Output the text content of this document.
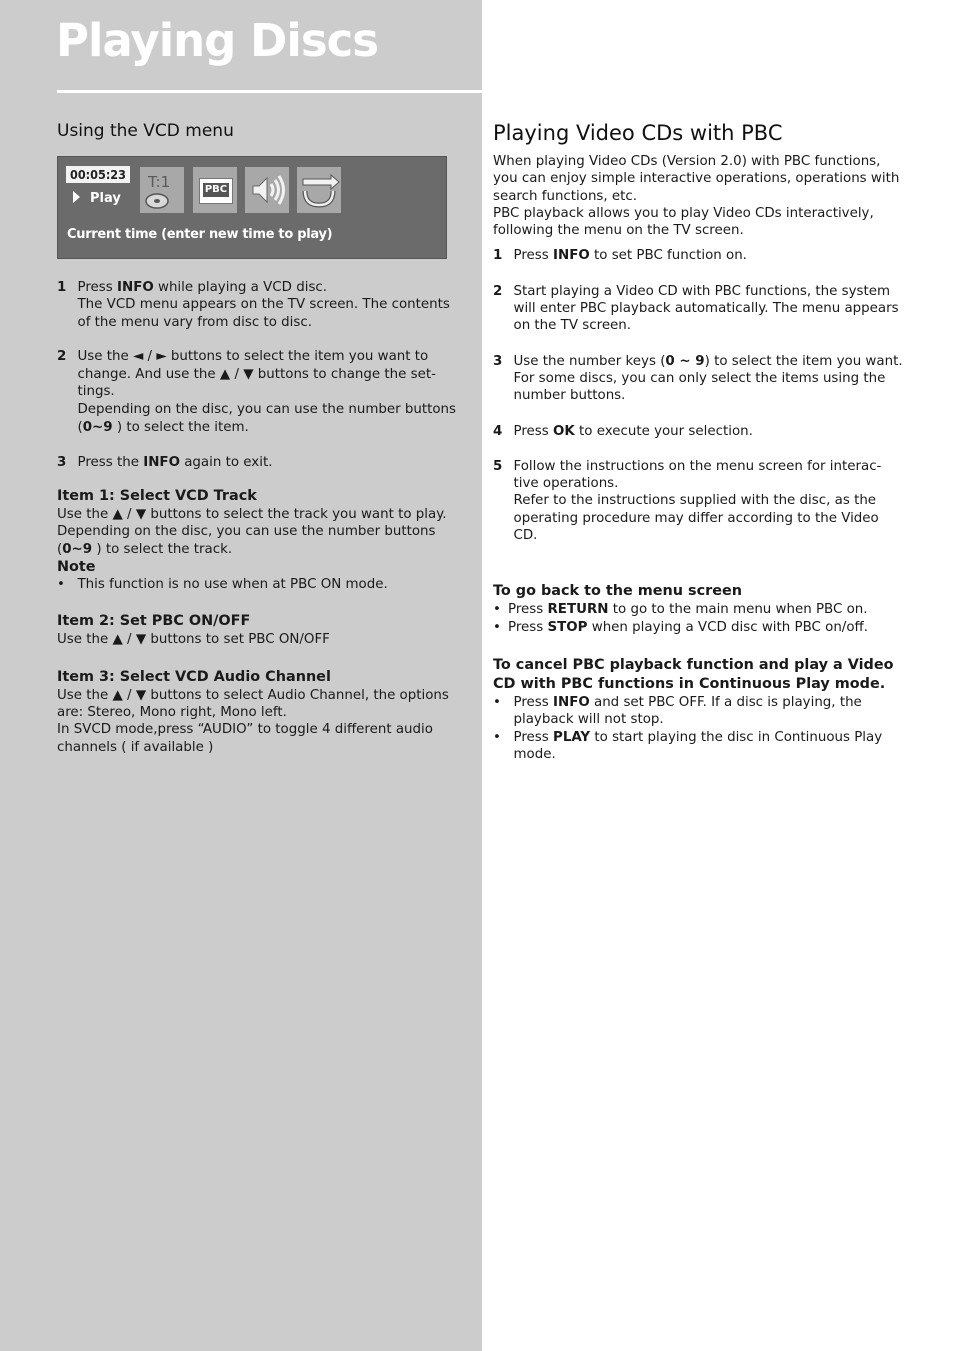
Playing Discs
Using the VCD menu
00:05:23
Play
T:1	PBC
Current time (enter new time to play)
1 Press INFO while playing a VCD disc.
The VCD menu appears on the TV screen. The contents of the menu vary from disc to disc.
2 Use the ◄ / ► buttons to select the item you want to change. And use the ▲ / ▼ buttons to change the set-tings.
Depending on the disc, you can use the number buttons (0~9 ) to select the item.
3 Press the INFO again to exit.
Item 1: Select VCD Track

Use the ▲ / ▼ buttons to select the track you want to play.
Depending on the disc, you can use the number buttons (0~9 ) to select the track.

Note
• This function is no use when at PBC ON mode.
Item 2: Set PBC ON/OFF

Use the ▲ / ▼ buttons to set PBC ON/OFF

Item 3: Select VCD Audio Channel

Use the ▲ / ▼ buttons to select Audio Channel, the options are: Stereo, Mono right, Mono left.
In SVCD mode,press “AUDIO” to toggle 4 different audio channels ( if available )

Playing Video CDs with PBC

When playing Video CDs (Version 2.0) with PBC functions, you can enjoy simple interactive operations, operations with search functions, etc.
PBC playback allows you to play Video CDs interactively, following the menu on the TV screen.

1 Press INFO to set PBC function on.
2 Start playing a Video CD with PBC functions, the system will enter PBC playback automatically. The menu appears on the TV screen.
3 Use the number keys (0 ~ 9) to select the item you want.
For some discs, you can only select the items using the number buttons.
4 Press OK to execute your selection.
5 Follow the instructions on the menu screen for interac-tive operations.
Refer to the instructions supplied with the disc, as the operating procedure may differ according to the Video CD.
To go back to the menu screen
• Press RETURN to go to the main menu when PBC on.
• Press STOP when playing a VCD disc with PBC on/off.
To cancel PBC playback function and play a Video CD with PBC functions in Continuous Play mode.
• Press INFO and set PBC OFF. If a disc is playing, the playback will not stop.
• Press PLAY to start playing the disc in Continuous Play mode.
